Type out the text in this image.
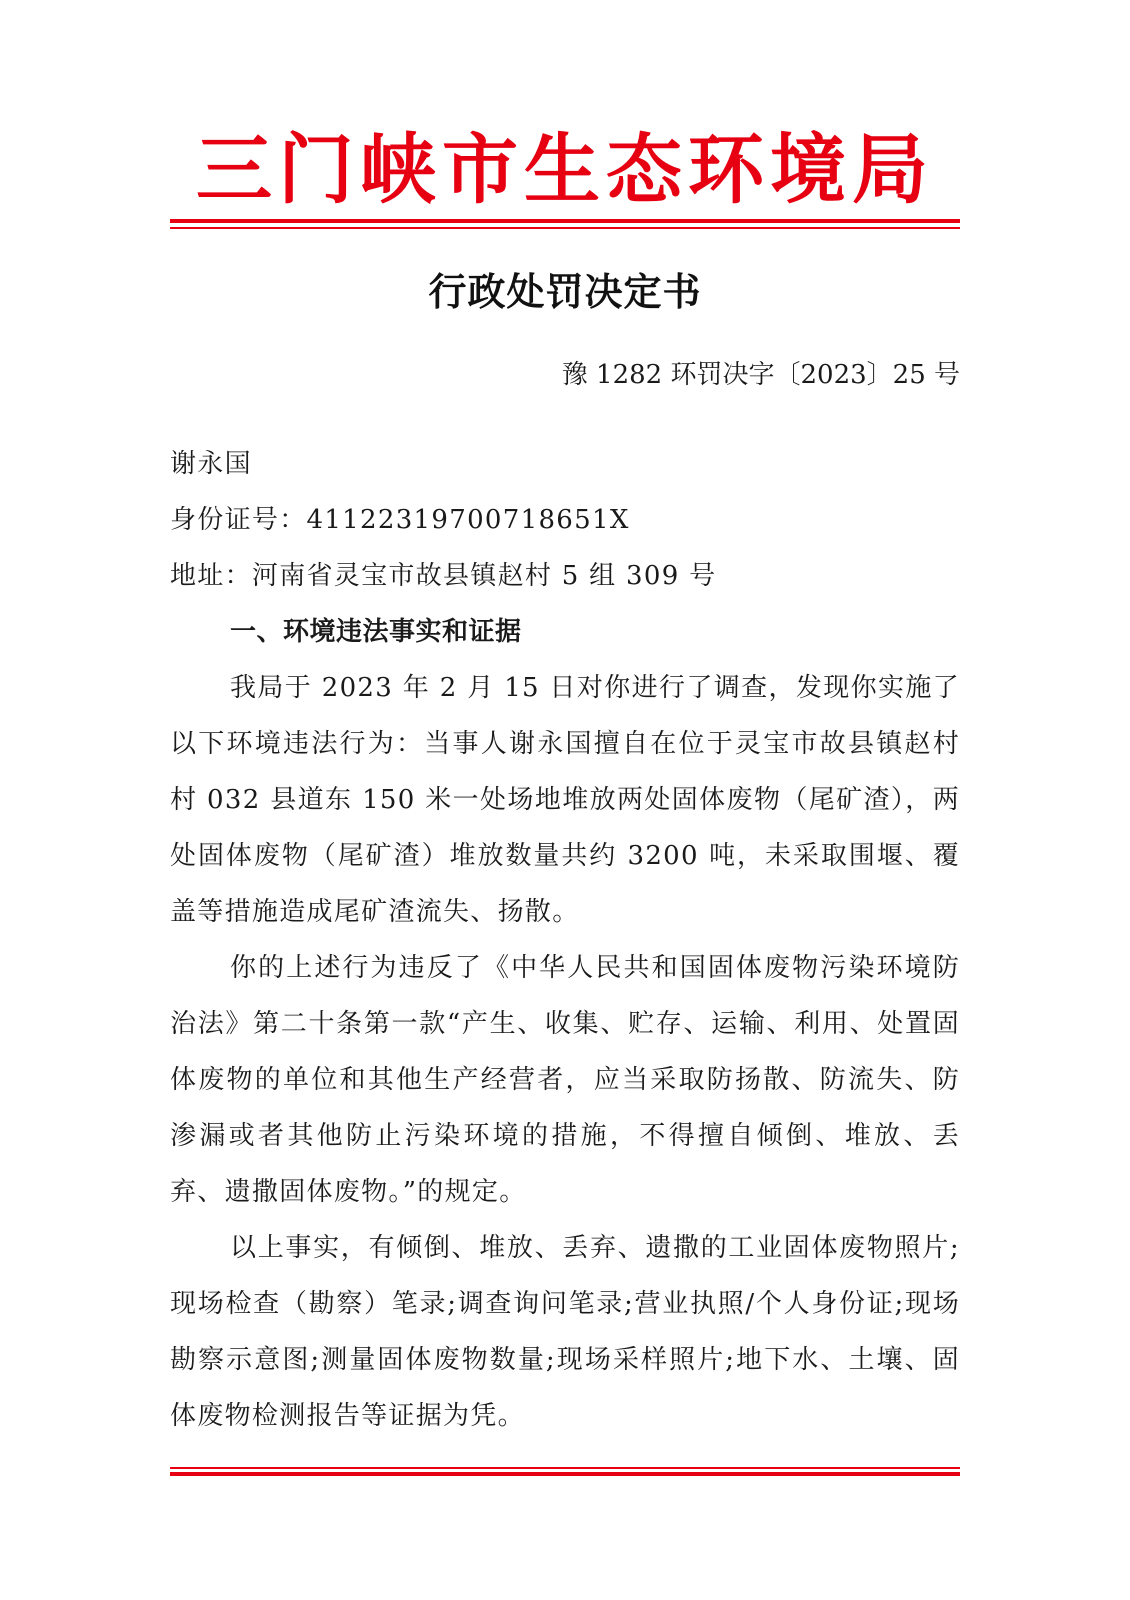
三门峡市生态环境局
行政处罚决定书
豫 1282 环罚决字〔2023〕25 号

谢永国

身份证号：41122319700718651X

地址：河南省灵宝市故县镇赵村 5 组 309 号

一、环境违法事实和证据

我局于 2023 年 2 月 15 日对你进行了调查，发现你实施了以下环境违法行为：当事人谢永国擅自在位于灵宝市故县镇赵村村 032 县道东 150 米一处场地堆放两处固体废物（尾矿渣），两处固体废物（尾矿渣）堆放数量共约 3200 吨，未采取围堰、覆盖等措施造成尾矿渣流失、扬散。

你的上述行为违反了《中华人民共和国固体废物污染环境防治法》第二十条第一款“产生、收集、贮存、运输、利用、处置固体废物的单位和其他生产经营者，应当采取防扬散、防流失、防渗漏或者其他防止污染环境的措施，不得擅自倾倒、堆放、丢弃、遗撒固体废物。”的规定。

以上事实，有倾倒、堆放、丢弃、遗撒的工业固体废物照片;现场检查（勘察）笔录;调查询问笔录;营业执照/个人身份证;现场勘察示意图;测量固体废物数量;现场采样照片;地下水、土壤、固体废物检测报告等证据为凭。
